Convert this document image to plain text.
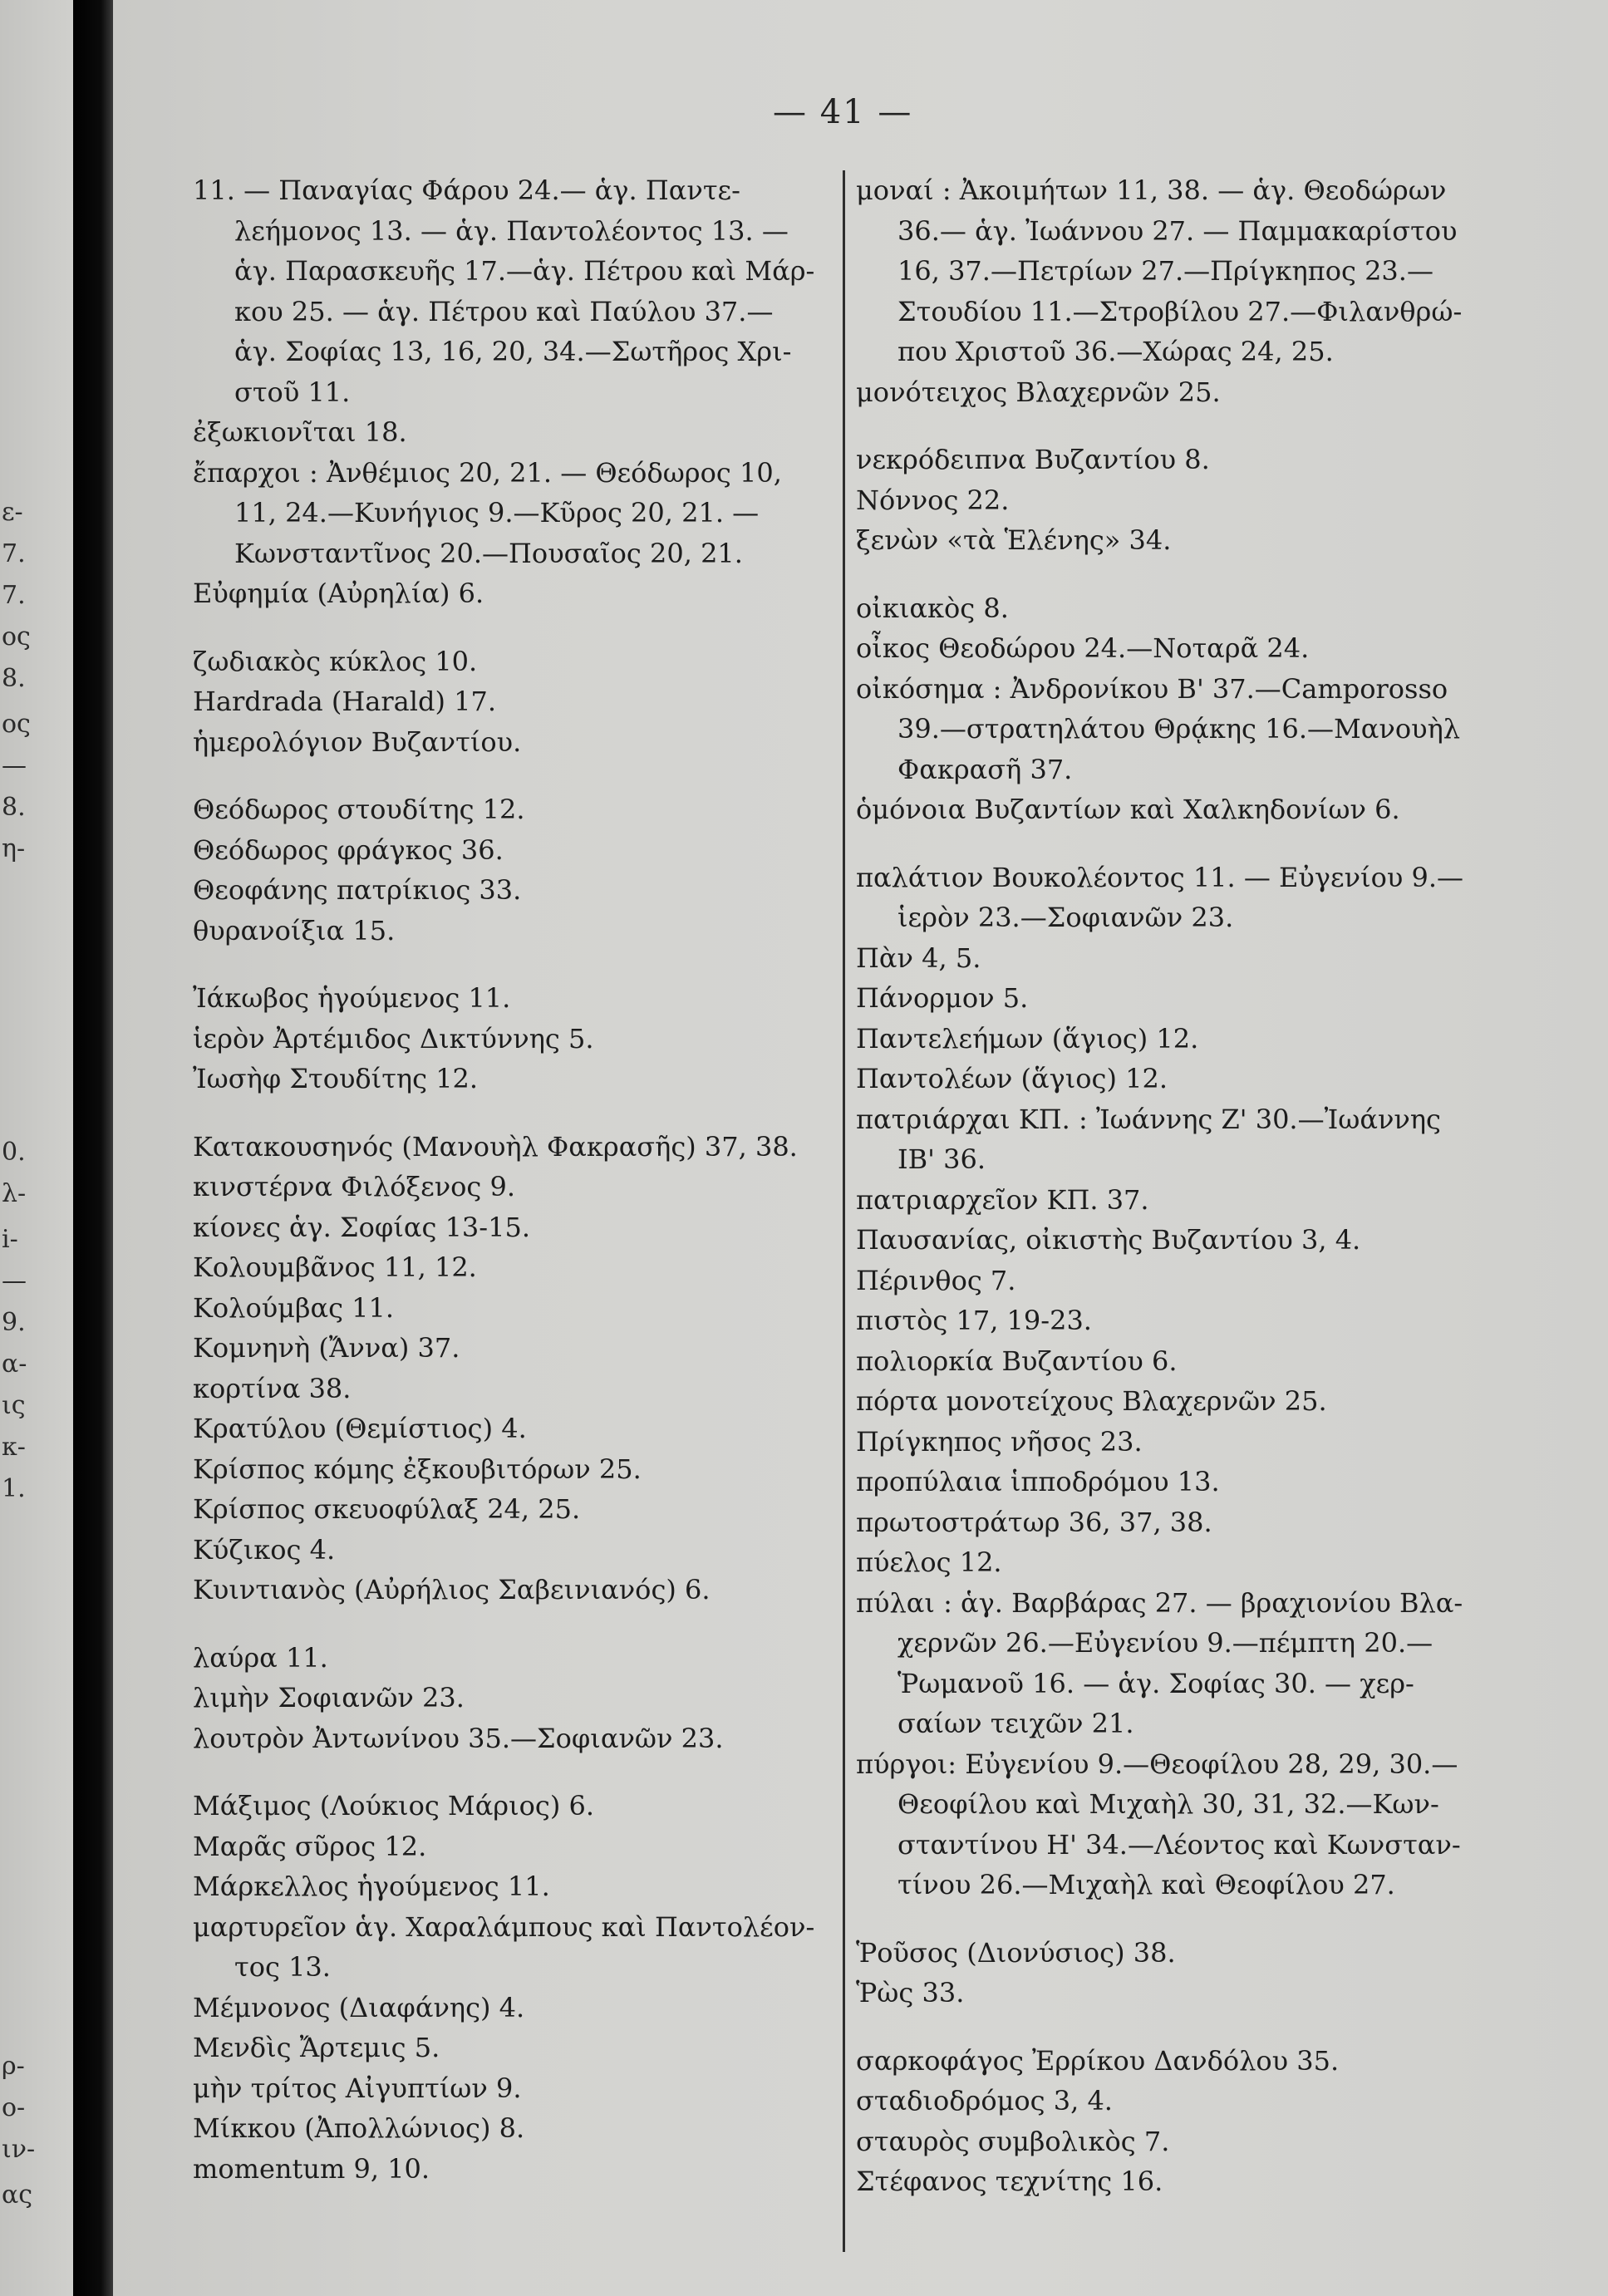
ε-
7.
7.
ος
8.
ος
—
8.
η-
0.
λ-
i-
—
9.
α-
ις
κ-
1.
ρ-
ο-
ιν-
ας
— 41 —
11. — Παναγίας Φάρου 24.— ἁγ. Παντε-
λεήμονος 13. — ἁγ. Παντολέοντος 13. —
ἁγ. Παρασκευῆς 17.—ἁγ. Πέτρου καὶ Μάρ-
κου 25. — ἁγ. Πέτρου καὶ Παύλου 37.—
ἁγ. Σοφίας 13, 16, 20, 34.—Σωτῆρος Χρι-
στοῦ 11.
ἐξωκιονῖται 18.
ἔπαρχοι : Ἀνθέμιος 20, 21. — Θεόδωρος 10,
11, 24.—Κυνήγιος 9.—Κῦρος 20, 21. —
Κωνσταντῖνος 20.—Πουσαῖος 20, 21.
Εὐφημία (Αὐρηλία) 6.
ζωδιακὸς κύκλος 10.
Hardrada (Harald) 17.
ἡμερολόγιον Βυζαντίου.
Θεόδωρος στουδίτης 12.
Θεόδωρος φράγκος 36.
Θεοφάνης πατρίκιος 33.
θυρανοίξια 15.
Ἰάκωβος ἡγούμενος 11.
ἱερὸν Ἀρτέμιδος Δικτύννης 5.
Ἰωσὴφ Στουδίτης 12.
Κατακουσηνός (Μανουὴλ Φακρασῆς) 37, 38.
κινστέρνα Φιλόξενος 9.
κίονες ἁγ. Σοφίας 13-15.
Κολουμβᾶνος 11, 12.
Κολούμβας 11.
Κομνηνὴ (Ἄννα) 37.
κορτίνα 38.
Κρατύλου (Θεμίστιος) 4.
Κρίσπος κόμης ἐξκουβιτόρων 25.
Κρίσπος σκευοφύλαξ 24, 25.
Κύζικος 4.
Κυιντιανὸς (Αὐρήλιος Σαβεινιανός) 6.
λαύρα 11.
λιμὴν Σοφιανῶν 23.
λουτρὸν Ἀντωνίνου 35.—Σοφιανῶν 23.
Μάξιμος (Λούκιος Μάριος) 6.
Μαρᾶς σῦρος 12.
Μάρκελλος ἡγούμενος 11.
μαρτυρεῖον ἁγ. Χαραλάμπους καὶ Παντολέον-
τος 13.
Μέμνονος (Διαφάνης) 4.
Μενδὶς Ἄρτεμις 5.
μὴν τρίτος Αἰγυπτίων 9.
Μίκκου (Ἀπολλώνιος) 8.
momentum 9, 10.
μοναί : Ἀκοιμήτων 11, 38. — ἁγ. Θεοδώρων
36.— ἁγ. Ἰωάννου 27. — Παμμακαρίστου
16, 37.—Πετρίων 27.—Πρίγκηπος 23.—
Στουδίου 11.—Στροβίλου 27.—Φιλανθρώ-
που Χριστοῦ 36.—Χώρας 24, 25.
μονότειχος Βλαχερνῶν 25.
νεκρόδειπνα Βυζαντίου 8.
Νόννος 22.
ξενὼν «τὰ Ἑλένης» 34.
οἰκιακὸς 8.
οἶκος Θεοδώρου 24.—Νοταρᾶ 24.
οἰκόσημα : Ἀνδρονίκου Β' 37.—Camporosso
39.—στρατηλάτου Θρᾴκης 16.—Μανουὴλ
Φακρασῆ 37.
ὁμόνοια Βυζαντίων καὶ Χαλκηδονίων 6.
παλάτιον Βουκολέοντος 11. — Εὐγενίου 9.—
ἱερὸν 23.—Σοφιανῶν 23.
Πὰν 4, 5.
Πάνορμον 5.
Παντελεήμων (ἅγιος) 12.
Παντολέων (ἅγιος) 12.
πατριάρχαι ΚΠ. : Ἰωάννης Ζ' 30.—Ἰωάννης
ΙΒ' 36.
πατριαρχεῖον ΚΠ. 37.
Παυσανίας, οἰκιστὴς Βυζαντίου 3, 4.
Πέρινθος 7.
πιστὸς 17, 19-23.
πολιορκία Βυζαντίου 6.
πόρτα μονοτείχους Βλαχερνῶν 25.
Πρίγκηπος νῆσος 23.
προπύλαια ἱπποδρόμου 13.
πρωτοστράτωρ 36, 37, 38.
πύελος 12.
πύλαι : ἁγ. Βαρβάρας 27. — βραχιονίου Βλα-
χερνῶν 26.—Εὐγενίου 9.—πέμπτη 20.—
Ῥωμανοῦ 16. — ἁγ. Σοφίας 30. — χερ-
σαίων τειχῶν 21.
πύργοι: Εὐγενίου 9.—Θεοφίλου 28, 29, 30.—
Θεοφίλου καὶ Μιχαὴλ 30, 31, 32.—Κων-
σταντίνου Η' 34.—Λέοντος καὶ Κωνσταν-
τίνου 26.—Μιχαὴλ καὶ Θεοφίλου 27.
Ῥοῦσος (Διονύσιος) 38.
Ῥὼς 33.
σαρκοφάγος Ἐρρίκου Δανδόλου 35.
σταδιοδρόμος 3, 4.
σταυρὸς συμβολικὸς 7.
Στέφανος τεχνίτης 16.
